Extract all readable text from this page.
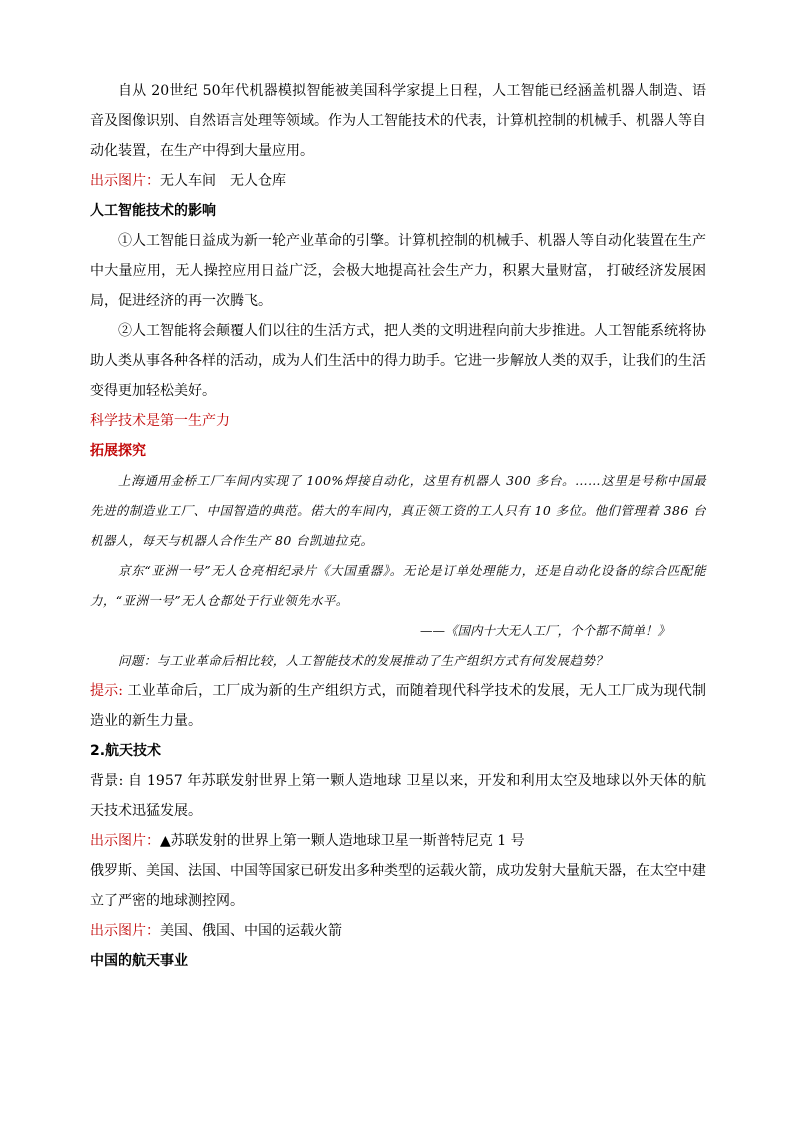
自从 20世纪 50年代机器模拟智能被美国科学家提上日程，人工智能已经涵盖机器人制造、语音及图像识别、自然语言处理等领域。作为人工智能技术的代表，计算机控制的机械手、机器人等自动化装置，在生产中得到大量应用。

出示图片：无人车间　无人仓库

人工智能技术的影响

①人工智能日益成为新一轮产业革命的引擎。计算机控制的机械手、机器人等自动化装置在生产中大量应用，无人操控应用日益广泛，会极大地提高社会生产力，积累大量财富， 打破经济发展困局，促进经济的再一次腾飞。

②人工智能将会颠覆人们以往的生活方式，把人类的文明进程向前大步推进。人工智能系统将协助人类从事各种各样的活动，成为人们生活中的得力助手。它进一步解放人类的双手，让我们的生活变得更加轻松美好。

科学技术是第一生产力

拓展探究

上海通用金桥工厂车间内实现了 100%焊接自动化，这里有机器人 300 多台。……这里是号称中国最先进的制造业工厂、中国智造的典范。偌大的车间内，真正领工资的工人只有 10 多位。他们管理着 386 台机器人，每天与机器人合作生产 80 台凯迪拉克。

京东“亚洲一号”无人仓亮相纪录片《大国重器》。无论是订单处理能力，还是自动化设备的综合匹配能力，“亚洲一号”无人仓都处于行业领先水平。

——《国内十大无人工厂，个个都不简单！》

问题：与工业革命后相比较，人工智能技术的发展推动了生产组织方式有何发展趋势？

提示: 工业革命后，工厂成为新的生产组织方式，而随着现代科学技术的发展，无人工厂成为现代制造业的新生力量。

2.航天技术

背景: 自 1957 年苏联发射世界上第一颗人造地球 卫星以来，开发和利用太空及地球以外天体的航天技术迅猛发展。

出示图片：▲苏联发射的世界上第一颗人造地球卫星一斯普特尼克 1 号

俄罗斯、美国、法国、中国等国家已研发出多种类型的运载火箭，成功发射大量航天器，在太空中建立了严密的地球测控网。

出示图片：美国、俄国、中国的运载火箭

中国的航天事业
